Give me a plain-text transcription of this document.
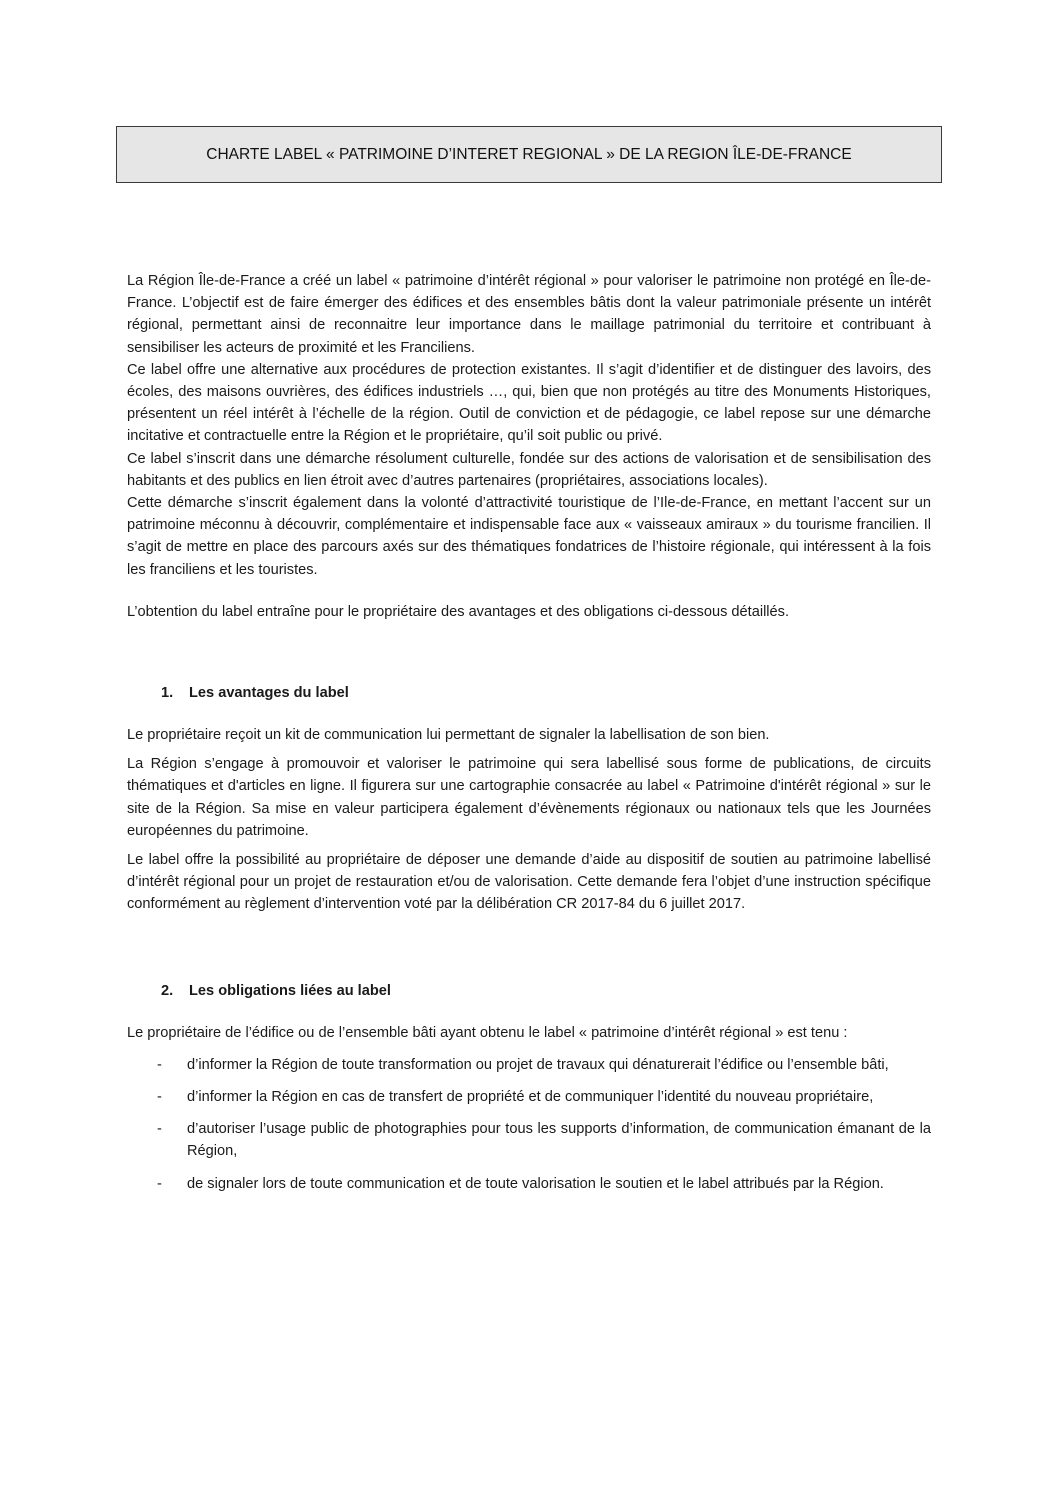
CHARTE LABEL « PATRIMOINE D’INTERET REGIONAL » DE LA REGION ÎLE-DE-FRANCE

La Région Île-de-France a créé un label « patrimoine d’intérêt régional » pour valoriser le patrimoine non protégé en Île-de-France. L’objectif est de faire émerger des édifices et des ensembles bâtis dont la valeur patrimoniale présente un intérêt régional, permettant ainsi de reconnaitre leur importance dans le maillage patrimonial du territoire et contribuant à sensibiliser les acteurs de proximité et les Franciliens.

Ce label offre une alternative aux procédures de protection existantes. Il s’agit d’identifier et de distinguer des lavoirs, des écoles, des maisons ouvrières, des édifices industriels …, qui, bien que non protégés au titre des Monuments Historiques, présentent un réel intérêt à l’échelle de la région. Outil de conviction et de pédagogie, ce label repose sur une démarche incitative et contractuelle entre la Région et le propriétaire, qu’il soit public ou privé.

Ce label s’inscrit dans une démarche résolument culturelle, fondée sur des actions de valorisation et de sensibilisation des habitants et des publics en lien étroit avec d’autres partenaires (propriétaires, associations locales).

Cette démarche s’inscrit également dans la volonté d’attractivité touristique de l’Ile-de-France, en mettant l’accent sur un patrimoine méconnu à découvrir, complémentaire et indispensable face aux « vaisseaux amiraux » du tourisme francilien. Il s’agit de mettre en place des parcours axés sur des thématiques fondatrices de l’histoire régionale, qui intéressent à la fois les franciliens et les touristes.

L’obtention du label entraîne pour le propriétaire des avantages et des obligations ci-dessous détaillés.

1.	Les avantages du label

Le propriétaire reçoit un kit de communication lui permettant de signaler la labellisation de son bien.

La Région s’engage à promouvoir et valoriser le patrimoine qui sera labellisé sous forme de publications, de circuits thématiques et d'articles en ligne. Il figurera sur une cartographie consacrée au label « Patrimoine d'intérêt régional » sur le site de la Région. Sa mise en valeur participera également d’évènements régionaux ou nationaux tels que les Journées européennes du patrimoine.

Le label offre la possibilité au propriétaire de déposer une demande d’aide au dispositif de soutien au patrimoine labellisé d’intérêt régional pour un projet de restauration et/ou de valorisation. Cette demande fera l’objet d’une instruction spécifique conformément au règlement d’intervention voté par la délibération CR 2017-84 du 6 juillet 2017.

2.	Les obligations liées au label

Le propriétaire de l’édifice ou de l’ensemble bâti ayant obtenu le label « patrimoine d’intérêt régional » est tenu :

-	d’informer la Région de toute transformation ou projet de travaux qui dénaturerait l’édifice ou l’ensemble bâti,
-	d’informer la Région en cas de transfert de propriété et de communiquer l’identité du nouveau propriétaire,
-	d’autoriser l’usage public de photographies pour tous les supports d’information, de communication émanant de la Région,
-	de signaler lors de toute communication et de toute valorisation le soutien et le label attribués par la Région.
